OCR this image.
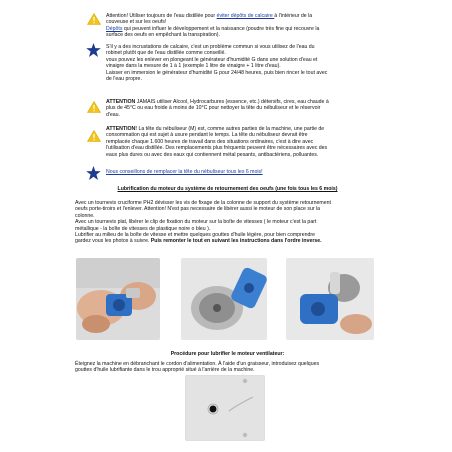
Attention! Utiliser toujours de l'eau distillée pour éviter dépôts de calcaire à l'intérieur de la

couveuse et sur les oeufs!

Dépôts qui peuvent influer le développement et la naissance (poudre très fine qui recouvre la

surface des oeufs en empêchant la transpiration).

S'il y a des incrustations de calcaire, c'est un problème commun si vous utilisez de l'eau du

robinet plutôt que de l'eau distillée comme conseillé.

vous pouvez les enlever en plongeant le générateur d'humidité G dans une solution d'eau et

vinaigre dans la mesure de 1 à 1 (exemple 1 litre de vinaigre + 1 litre d'eau).

Laisser en immersion le générateur d'humidité G pour 24/48 heures, puis bien rincer le tout avec

de l'eau propre.

ATTENTION JAMAIS utiliser Alcool, Hydrocarbures (essence, etc.) détersifs, cires, eau chaude à

plus de 45°C ou eau froide à moins de 10°C pour nettoyer la tête du nébuliseur et le réservoir

d'eau.

ATTENTION! La tête du nébuliseur (M) est, comme autres parties de la machine, une partie de

consommation qui est sujet à usure pendant le temps. La tête du nébuliseur devrait être

remplacée chaque 1.600 heures de travail dans des situations ordinaires, c'est à dire avec

l'utilisation d'eau distillée. Des remplacements plus fréquents peuvent être nécessaires avec des

eaux plus dures ou avec des eaux qui contiennent métal pesants, antibactériens, polluantes.

Nous conseillons de remplacer la tête du nébuliseur tous les 6 mois!

Lubrification du moteur du système de retournement des oeufs (une fois tous les 6 mois)

Avec un tournevis cruciforme PH2 dévisser les vis de fixage de la colonne de support du système retournement

oeufs porte-tiroirs et l'enlever. Attention! N'est pas necessaire de libérer aussi le moteur de son place sur la

colonne.

Avec un tournevis plat, libérer le clip de fixation du moteur sur la boîte de vitesses ( le moteur c'est la part

métallique - la boîte de vitesses de plastique noire o bleu ).

Lubrifier au milieu de la boîte de vitesse et mettre quelques gouttes d'huile légère, pour bien comprendre

gardez vous les photos à suivre. Puis remonter le tout en suivant les instructions dans l'ordre inverse.

Procédure pour lubrifier le moteur ventilateur:

Éteignez la machine en débranchant le cordon d'alimentation. À l'aide d'un graisseur, introduisez quelques

gouttes d'huile lubrifiante dans le trou approprié situé à l'arrière de la machine.
